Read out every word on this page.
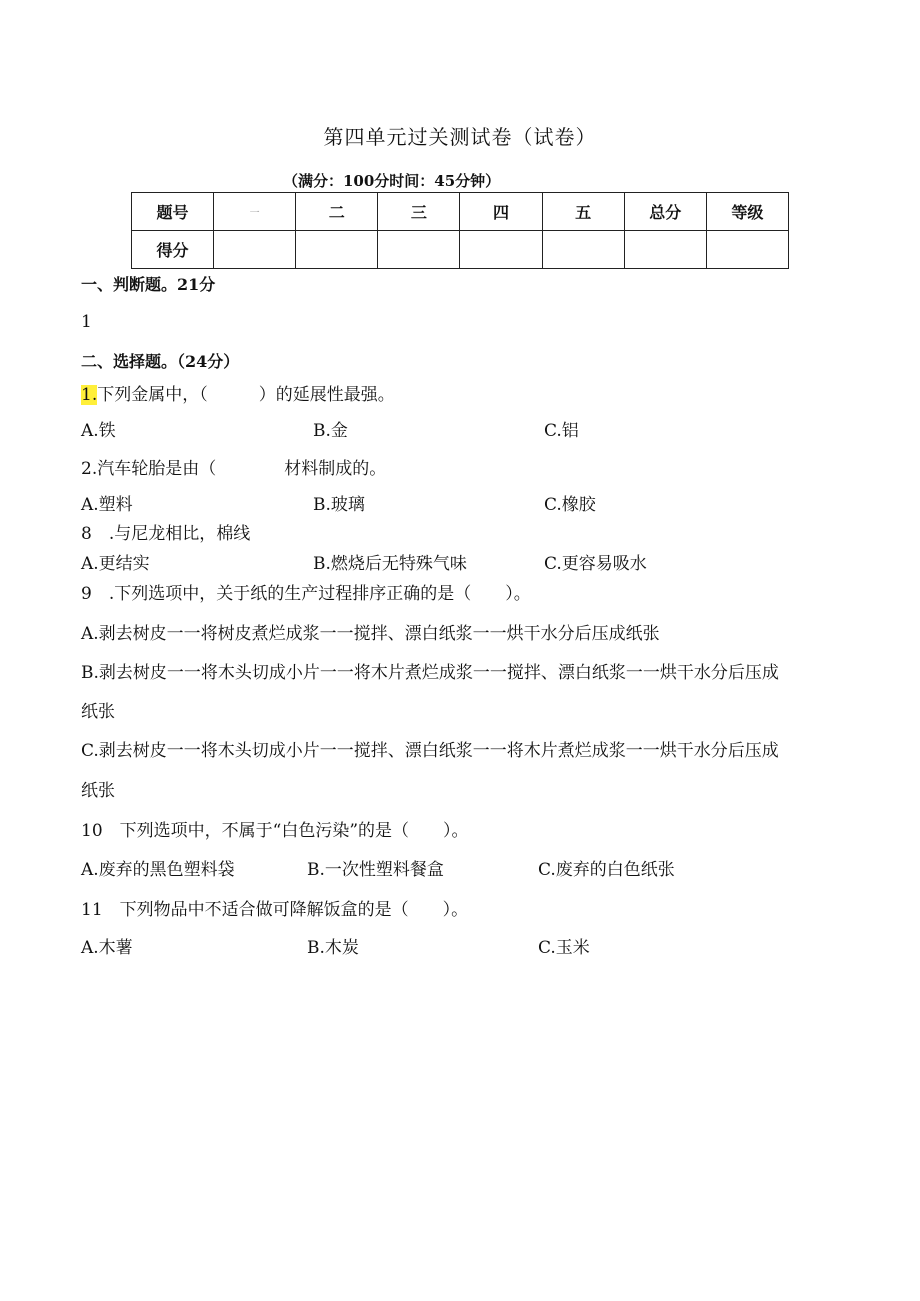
第四单元过关测试卷（试卷）
（满分：100分时间：45分钟）
题号	一	二	三	四	五	总分	等级
得分							
一、判断题。21分
1
二、选择题。（24分）
1.下列金属中，（　　　）的延展性最强。
A.铁	B.金	C.铝
2.汽车轮胎是由（　　　　材料制成的。
A.塑料	B.玻璃	C.橡胶
8　.与尼龙相比，棉线
A.更结实	B.燃烧后无特殊气味	C.更容易吸水
9　.下列选项中，关于纸的生产过程排序正确的是（　　）。
A.剥去树皮一一将树皮煮烂成浆一一搅拌、漂白纸浆一一烘干水分后压成纸张
B.剥去树皮一一将木头切成小片一一将木片煮烂成浆一一搅拌、漂白纸浆一一烘干水分后压成
纸张
C.剥去树皮一一将木头切成小片一一搅拌、漂白纸浆一一将木片煮烂成浆一一烘干水分后压成
纸张
10　下列选项中，不属于“白色污染”的是（　　）。
A.废弃的黑色塑料袋	B.一次性塑料餐盒	C.废弃的白色纸张
11　下列物品中不适合做可降解饭盒的是（　　）。
A.木薯	B.木炭	C.玉米
